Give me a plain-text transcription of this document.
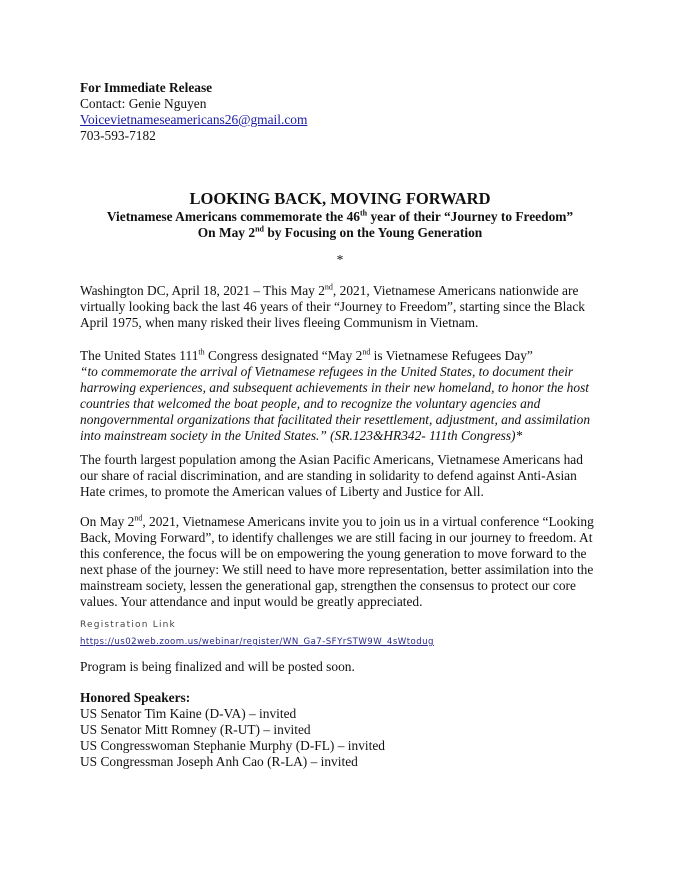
For Immediate Release

Contact: Genie Nguyen

Voicevietnameseamericans26@gmail.com

703-593-7182

LOOKING BACK, MOVING FORWARD

Vietnamese Americans commemorate the 46th year of their “Journey to Freedom”

On May 2nd by Focusing on the Young Generation

*

Washington DC, April 18, 2021 – This May 2nd, 2021, Vietnamese Americans nationwide are virtually looking back the last 46 years of their “Journey to Freedom”, starting since the Black April 1975, when many risked their lives fleeing Communism in Vietnam.

The United States 111th Congress designated “May 2nd is Vietnamese Refugees Day”

“to commemorate the arrival of Vietnamese refugees in the United States, to document their harrowing experiences, and subsequent achievements in their new homeland, to honor the host countries that welcomed the boat people, and to recognize the voluntary agencies and nongovernmental organizations that facilitated their resettlement, adjustment, and assimilation into mainstream society in the United States.” (SR.123&HR342- 111th Congress)*

The fourth largest population among the Asian Pacific Americans, Vietnamese Americans had our share of racial discrimination, and are standing in solidarity to defend against Anti-Asian Hate crimes, to promote the American values of Liberty and Justice for All.

On May 2nd, 2021, Vietnamese Americans invite you to join us in a virtual conference “Looking Back, Moving Forward”, to identify challenges we are still facing in our journey to freedom. At this conference, the focus will be on empowering the young generation to move forward to the next phase of the journey: We still need to have more representation, better assimilation into the mainstream society, lessen the generational gap, strengthen the consensus to protect our core values. Your attendance and input would be greatly appreciated.

Registration Link

https://us02web.zoom.us/webinar/register/WN_Ga7-SFYrSTW9W_4sWtodug

Program is being finalized and will be posted soon.

Honored Speakers:

US Senator Tim Kaine (D-VA) – invited

US Senator Mitt Romney (R-UT) – invited

US Congresswoman Stephanie Murphy (D-FL) – invited

US Congressman Joseph Anh Cao (R-LA) – invited
